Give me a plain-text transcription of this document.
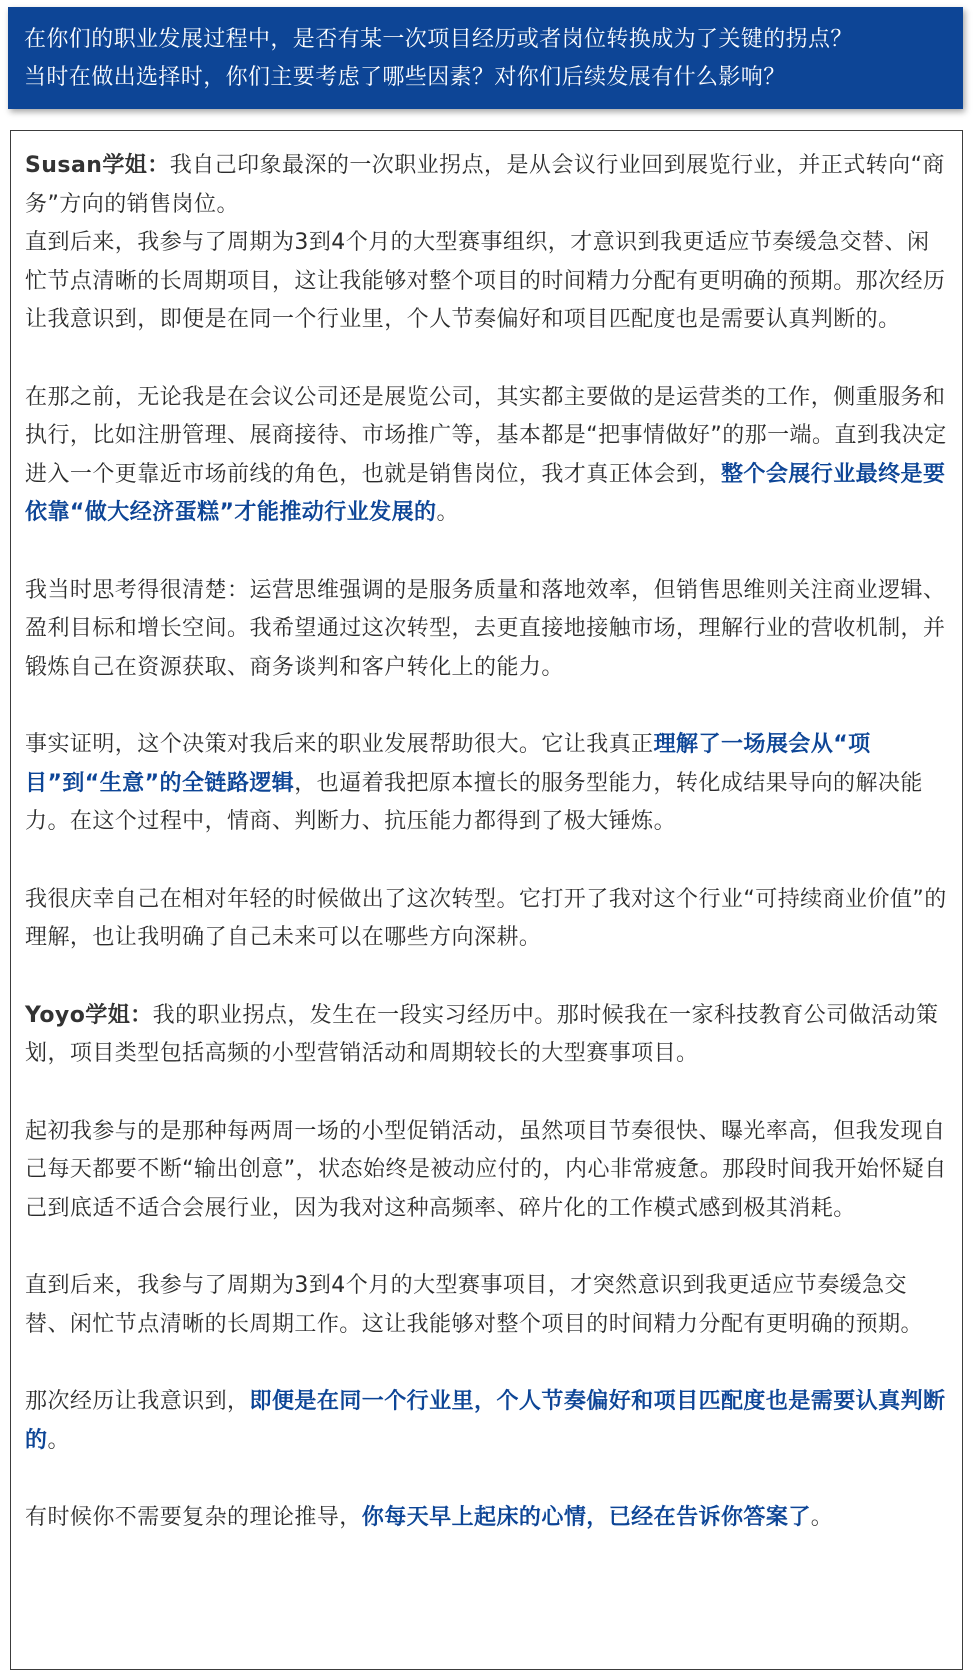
在你们的职业发展过程中，是否有某一次项目经历或者岗位转换成为了关键的拐点？

当时在做出选择时，你们主要考虑了哪些因素？对你们后续发展有什么影响？

Susan学姐：我自己印象最深的一次职业拐点，是从会议行业回到展览行业，并正式转向“商务”方向的销售岗位。

直到后来，我参与了周期为3到4个月的大型赛事组织，才意识到我更适应节奏缓急交替、闲忙节点清晰的长周期项目，这让我能够对整个项目的时间精力分配有更明确的预期。那次经历让我意识到，即便是在同一个行业里，个人节奏偏好和项目匹配度也是需要认真判断的。

在那之前，无论我是在会议公司还是展览公司，其实都主要做的是运营类的工作，侧重服务和执行，比如注册管理、展商接待、市场推广等，基本都是“把事情做好”的那一端。直到我决定进入一个更靠近市场前线的角色，也就是销售岗位，我才真正体会到，整个会展行业最终是要依靠“做大经济蛋糕”才能推动行业发展的。

我当时思考得很清楚：运营思维强调的是服务质量和落地效率，但销售思维则关注商业逻辑、盈利目标和增长空间。我希望通过这次转型，去更直接地接触市场，理解行业的营收机制，并锻炼自己在资源获取、商务谈判和客户转化上的能力。

事实证明，这个决策对我后来的职业发展帮助很大。它让我真正理解了一场展会从“项目”到“生意”的全链路逻辑，也逼着我把原本擅长的服务型能力，转化成结果导向的解决能力。在这个过程中，情商、判断力、抗压能力都得到了极大锤炼。

我很庆幸自己在相对年轻的时候做出了这次转型。它打开了我对这个行业“可持续商业价值”的理解，也让我明确了自己未来可以在哪些方向深耕。

Yoyo学姐：我的职业拐点，发生在一段实习经历中。那时候我在一家科技教育公司做活动策划，项目类型包括高频的小型营销活动和周期较长的大型赛事项目。

起初我参与的是那种每两周一场的小型促销活动，虽然项目节奏很快、曝光率高，但我发现自己每天都要不断“输出创意”，状态始终是被动应付的，内心非常疲惫。那段时间我开始怀疑自己到底适不适合会展行业，因为我对这种高频率、碎片化的工作模式感到极其消耗。

直到后来，我参与了周期为3到4个月的大型赛事项目，才突然意识到我更适应节奏缓急交替、闲忙节点清晰的长周期工作。这让我能够对整个项目的时间精力分配有更明确的预期。

那次经历让我意识到，即便是在同一个行业里，个人节奏偏好和项目匹配度也是需要认真判断的。

有时候你不需要复杂的理论推导，你每天早上起床的心情，已经在告诉你答案了。
